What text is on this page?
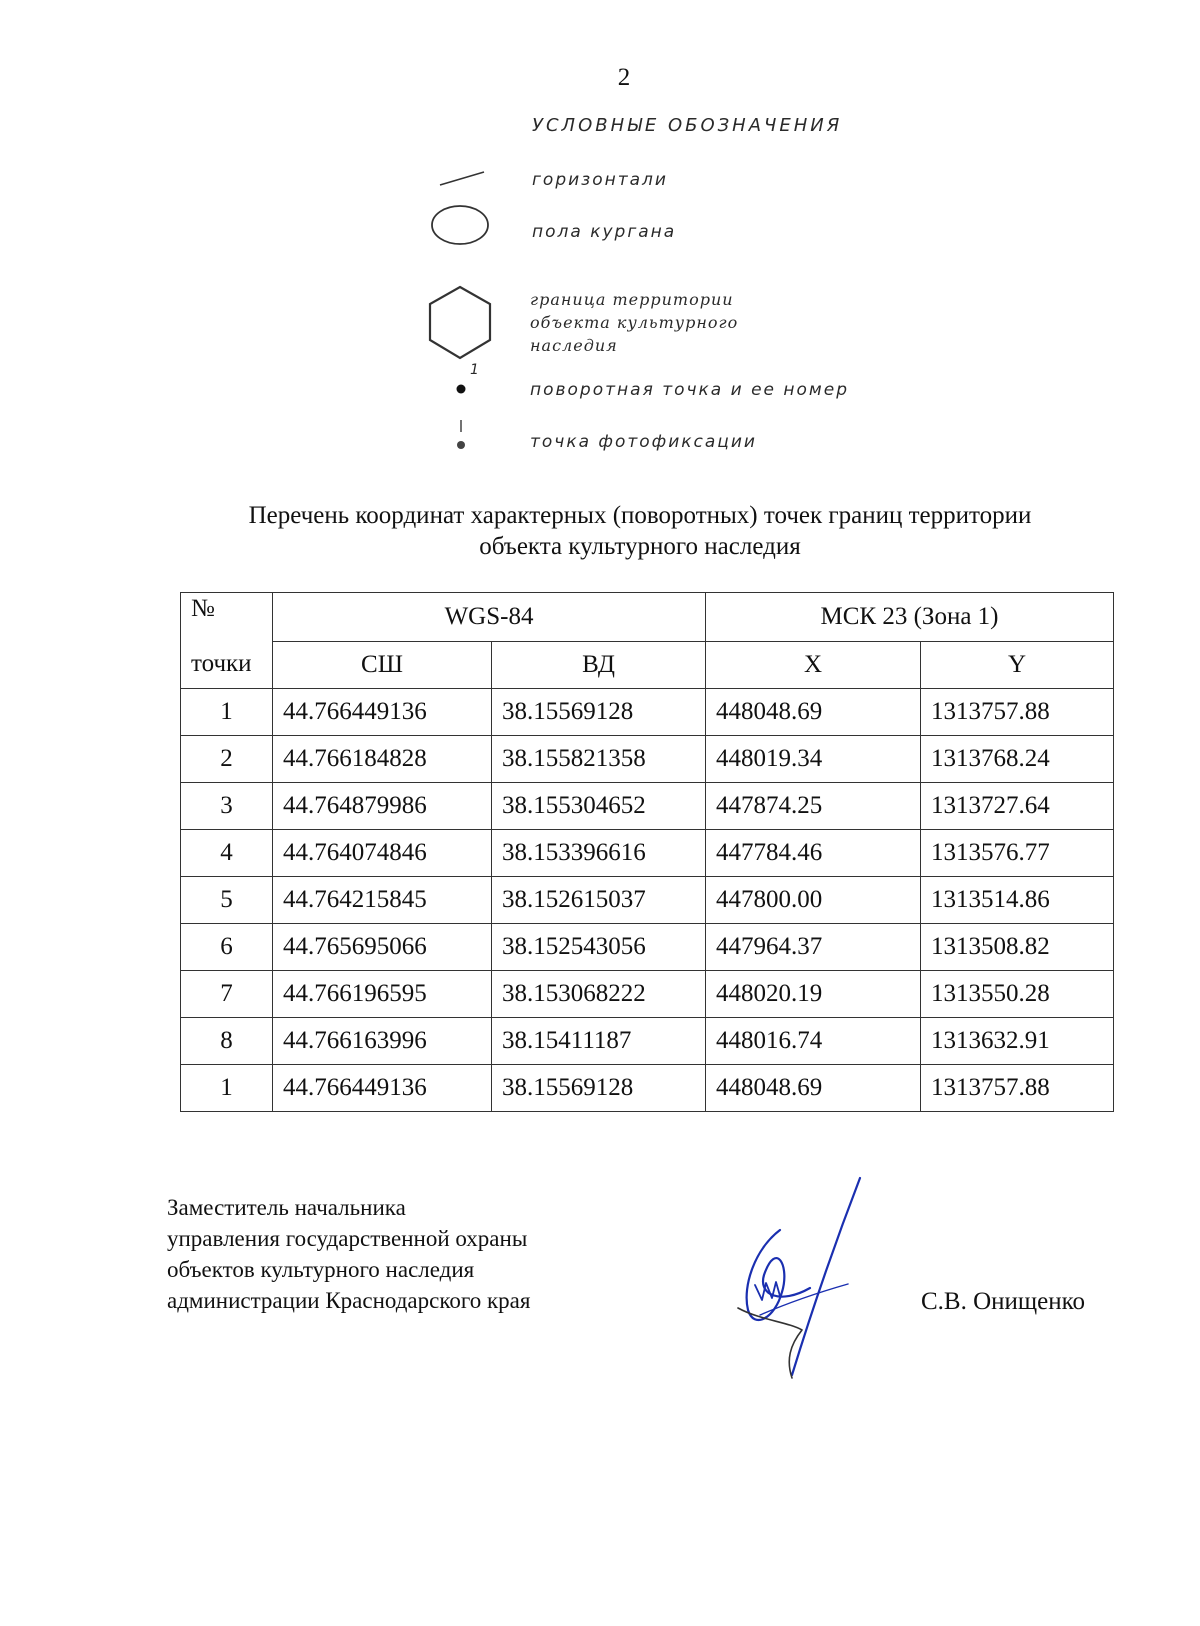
2
УСЛОВНЫЕ ОБОЗНАЧЕНИЯ
горизонтали
пола кургана
граница территории
объекта культурного
наследия
1
поворотная точка и ее номер
точка фотофиксации
Перечень координат характерных (поворотных) точек границ территории
объекта культурного наследия
№	WGS-84		МСК 23 (Зона 1)	
точки	СШ	ВД	X	Y
1	44.766449136	38.15569128	448048.69	1313757.88
2	44.766184828	38.155821358	448019.34	1313768.24
3	44.764879986	38.155304652	447874.25	1313727.64
4	44.764074846	38.153396616	447784.46	1313576.77
5	44.764215845	38.152615037	447800.00	1313514.86
6	44.765695066	38.152543056	447964.37	1313508.82
7	44.766196595	38.153068222	448020.19	1313550.28
8	44.766163996	38.15411187	448016.74	1313632.91
1	44.766449136	38.15569128	448048.69	1313757.88
Заместитель начальника
управления государственной охраны
объектов культурного наследия
администрации Краснодарского края	С.В. Онищенко
